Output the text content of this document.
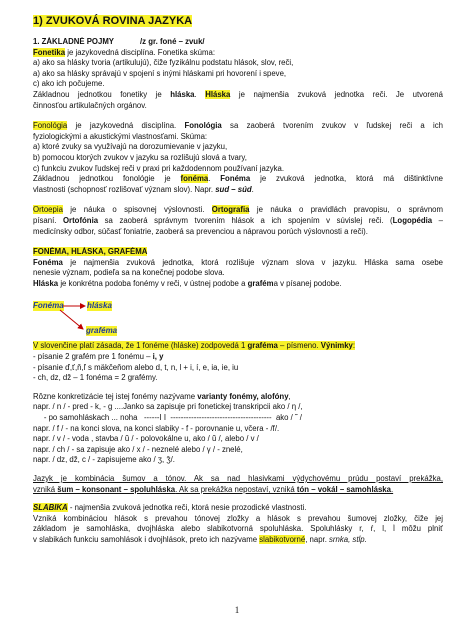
1) ZVUKOVÁ ROVINA JAZYKA
1. ZÁKLADNÉ POJMY	/z gr. foné – zvuk/
Fonetika je jazykovedná disciplína. Fonetika skúma:
a) ako sa hlásky tvoria (artikulujú), čiže fyzikálnu podstatu hlások, slov, reči,
a) ako sa hlásky správajú v spojení s inými hláskami pri hovorení i speve,
c) ako ich počujeme.
Základnou jednotkou fonetiky je hláska. Hláska je najmenšia zvuková jednotka reči. Je utvorená
činnosťou artikulačných orgánov.
Fonológia je jazykovedná disciplína. Fonológia sa zaoberá tvorením zvukov v ľudskej reči a ich
fyziologickými a akustickými vlastnosťami. Skúma:
a) ktoré zvuky sa využívajú na dorozumievanie v jazyku,
b) pomocou ktorých zvukov v jazyku sa rozlišujú slová a tvary,
c) funkciu zvukov ľudskej reči v praxi pri každodennom používaní jazyka.
Základnou jednotkou fonológie je fonéma. Fonéma je zvuková jednotka, ktorá má dištinktívne
vlastnosti (schopnosť rozlišovať význam slov). Napr. sud – súd.
Ortoepia je náuka o spisovnej výslovnosti. Ortografia je náuka o pravidlách pravopisu, o správnom
písaní. Ortofónia sa zaoberá správnym tvorením hlások a ich spojením v súvislej reči. (Logopédia –
medicínsky odbor, súčasť foniatrie, zaoberá sa prevenciou a nápravou porúch výslovnosti a reči).
FONÉMA, HLÁSKA, GRAFÉMA
Fonéma je najmenšia zvuková jednotka, ktorá rozlišuje význam slova v jazyku. Hláska sama osebe
nenesie význam, podieľa sa na konečnej podobe slova.
Hláska je konkrétna podoba fonémy v reči, v ústnej podobe a graféma v písanej podobe.
Fonéma	hláska
graféma
V slovenčine platí zásada, že 1 fonéme (hláske) zodpovedá 1 graféma – písmeno. Výnimky:
- písanie 2 grafém pre 1 fonému – i, y
- písanie ď,ť,ň,ľ s mäkčeňom alebo d, t, n, l + i, í, e, ia, ie, iu
- ch, dz, dž – 1 fonéma = 2 grafémy.
Rôzne konkretizácie tej istej fonémy nazývame varianty fonémy, alofóny,
napr. / n / - pred - k, - g ....Janko sa zapisuje pri fonetickej transkripcii ako / η /,
- po samohláskach ... noha   ------I I  ---------------------------------------  ako / ˜ /
napr. / f / - na konci slova, na konci slabiky - f - porovnanie u, včera - /f/.
napr. / v / - voda , stavba / ŭ / - polovokálne u, ako / ŭ /, alebo / v /
napr. / ch / - sa zapisuje ako / x / - neznelé alebo / γ / - znelé,
napr. / dz, dž, c / - zapisujeme ako / ʒ, ʒ̆/.
Jazyk je kombinácia šumov a tónov. Ak sa nad hlasivkami výdychovému prúdu postaví prekážka,
vzniká šum – konsonant – spoluhláska. Ak sa prekážka nepostaví, vzniká tón – vokál – samohláska.
SLABIKA - najmenšia zvuková jednotka reči, ktorá nesie prozodické vlastnosti.
Vzniká kombináciou hlások s prevahou tónovej zložky a hlások s prevahou šumovej zložky, čiže jej
základom je samohláska, dvojhláska alebo slabikotvorná spoluhláska. Spoluhlásky r, ŕ, l, ĺ môžu plniť
v slabikách funkciu samohlások i dvojhlások, preto ich nazývame slabikotvorné, napr. srnka, stĺp.
1
